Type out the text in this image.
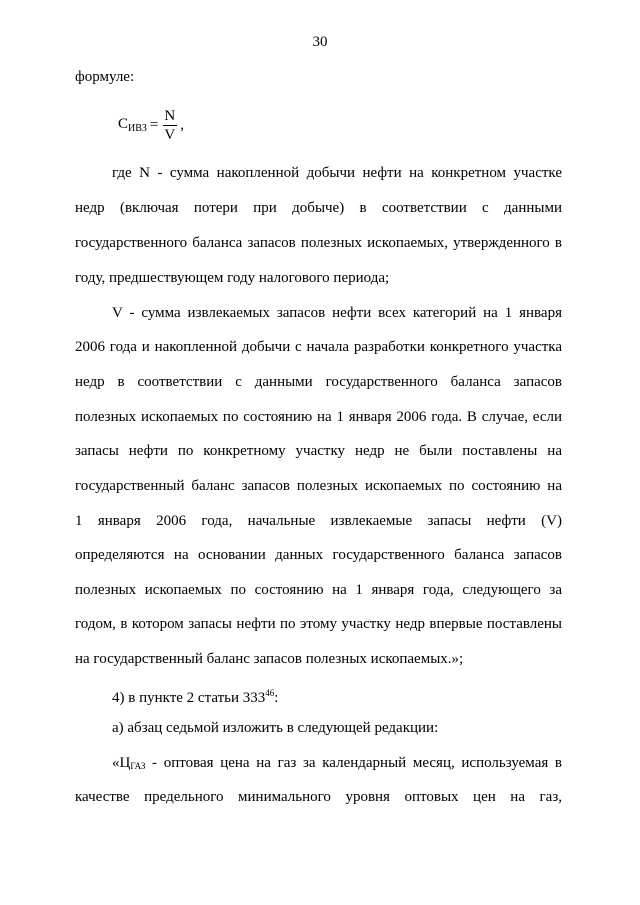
30
формуле:
$С_{ИВЗ} = \frac{N}{V}$ ,
где N - сумма накопленной добычи нефти на конкретном участке
недр (включая потери при добыче) в соответствии с данными
государственного баланса запасов полезных ископаемых, утвержденного в
году, предшествующем году налогового периода;
V - сумма извлекаемых запасов нефти всех категорий на 1 января
2006 года и накопленной добычи с начала разработки конкретного участка
недр в соответствии с данными государственного баланса запасов
полезных ископаемых по состоянию на 1 января 2006 года. В случае, если
запасы нефти по конкретному участку недр не были поставлены на
государственный баланс запасов полезных ископаемых по состоянию на
1 января 2006 года, начальные извлекаемые запасы нефти (V)
определяются на основании данных государственного баланса запасов
полезных ископаемых по состоянию на 1 января года, следующего за
годом, в котором запасы нефти по этому участку недр впервые поставлены
на государственный баланс запасов полезных ископаемых.»;
4) в пункте 2 статьи $333^{46}$:
а) абзац седьмой изложить в следующей редакции:
«$Ц_{ГАЗ}$ - оптовая цена на газ за календарный месяц, используемая в
качестве предельного минимального уровня оптовых цен на газ,
